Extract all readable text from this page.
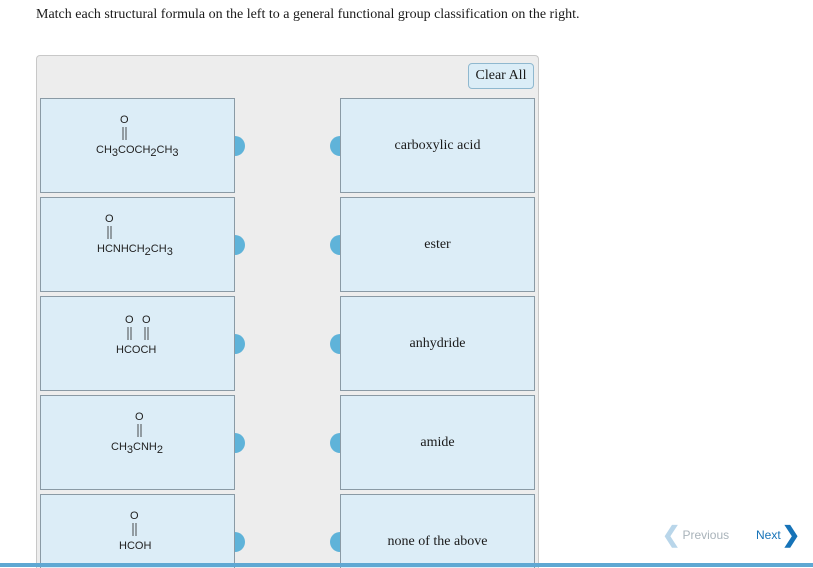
Match each structural formula on the left to a general functional group classification on the right.
Clear All
O
CH3COCH2CH3
carboxylic acid
O
HCNHCH2CH3
ester
O O
HCOCH	anhydride
O
CH3CNH2
amide
O
HCOH	none of the above	❮ Previous Next ❯
